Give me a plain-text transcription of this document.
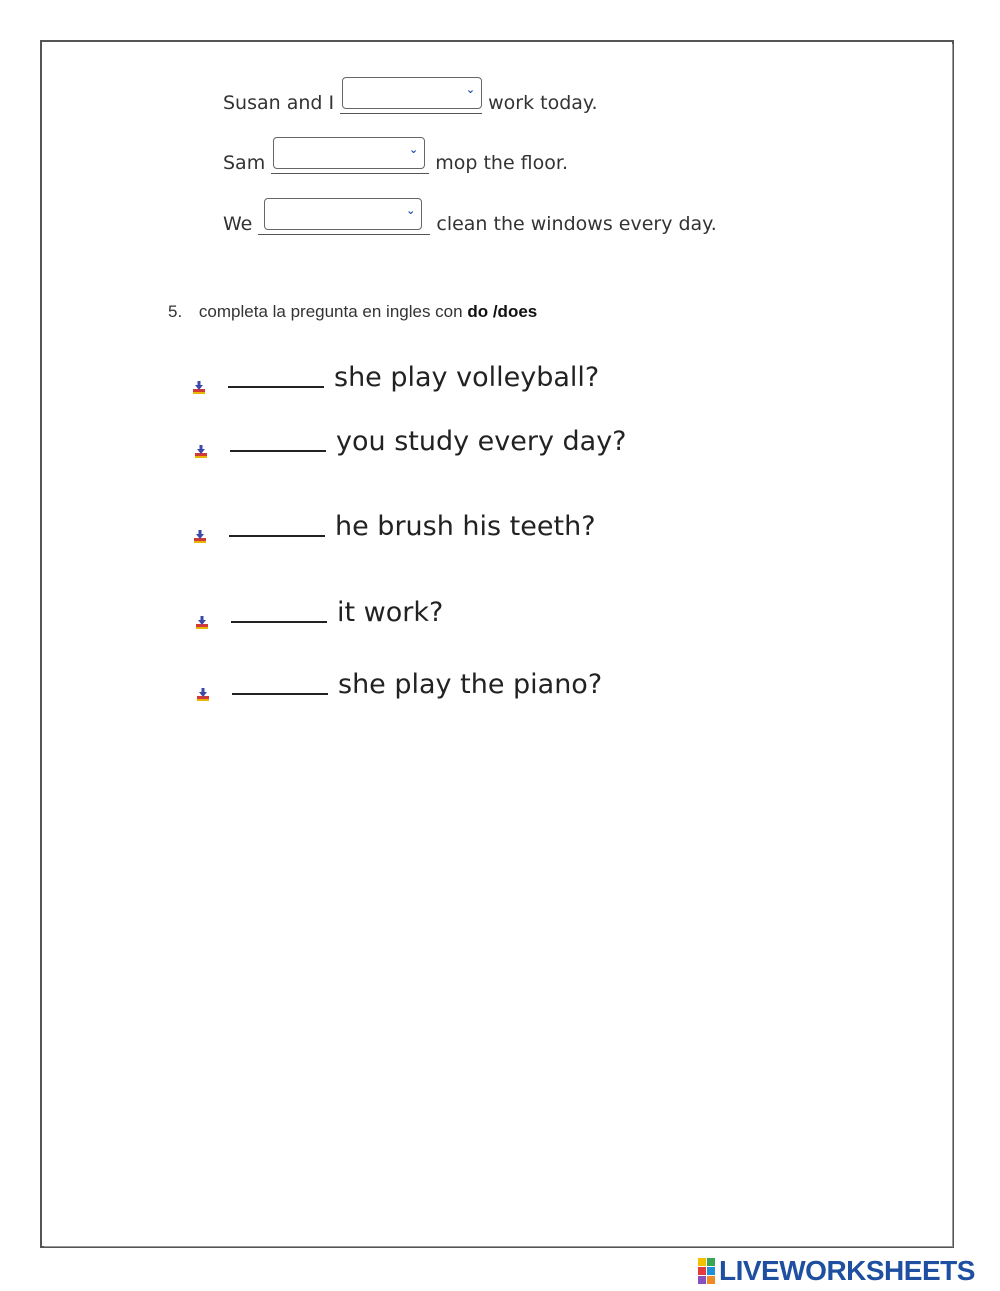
Susan and I
⌄
work today.
Sam
⌄
mop the floor.
We
⌄
clean the windows every day.
5. completa la pregunta en ingles con do /does
she play volleyball?
you study every day?
he brush his teeth?
it work?
she play the piano?
LIVEWORKSHEETS
